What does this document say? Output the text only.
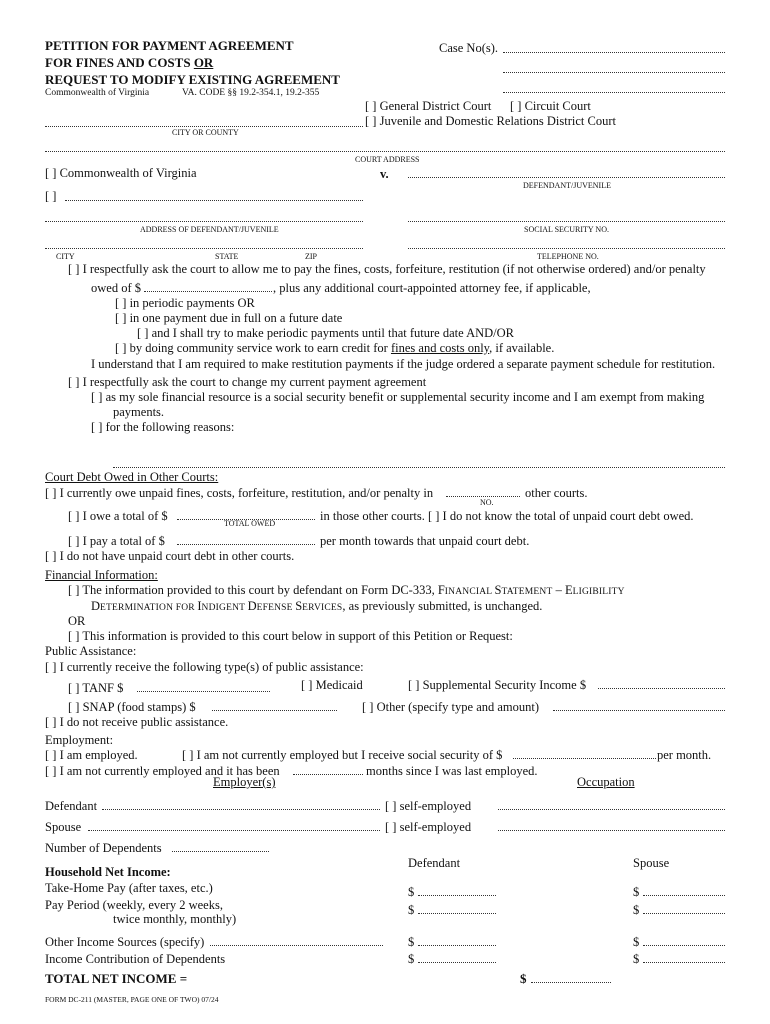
PETITION FOR PAYMENT AGREEMENT
FOR FINES AND COSTS OR
REQUEST TO MODIFY EXISTING AGREEMENT
Commonwealth of Virginia	VA. CODE §§ 19.2-354.1, 19.2-355
Case No(s).
[ ] General District Court [ ] Circuit Court
[ ] Juvenile and Domestic Relations District Court
CITY OR COUNTY
COURT ADDRESS
[ ] Commonwealth of Virginia	v.
DEFENDANT/JUVENILE
[ ]
ADDRESS OF DEFENDANT/JUVENILE	SOCIAL SECURITY NO.
CITY	STATE	ZIP	TELEPHONE NO.
[ ] I respectfully ask the court to allow me to pay the fines, costs, forfeiture, restitution (if not otherwise ordered) and/or penalty
owed of $	, plus any additional court-appointed attorney fee, if applicable,
[ ] in periodic payments OR
[ ] in one payment due in full on a future date
[ ] and I shall try to make periodic payments until that future date AND/OR
[ ] by doing community service work to earn credit for fines and costs only, if available.
I understand that I am required to make restitution payments if the judge ordered a separate payment schedule for restitution.
[ ] I respectfully ask the court to change my current payment agreement
[ ] as my sole financial resource is a social security benefit or supplemental security income and I am exempt from making
payments.
[ ] for the following reasons:
Court Debt Owed in Other Courts:
[ ] I currently owe unpaid fines, costs, forfeiture, restitution, and/or penalty in	other courts.
NO.
[ ] I owe a total of $	in those other courts. [ ] I do not know the total of unpaid court debt owed.
TOTAL OWED
[ ] I pay a total of $	per month towards that unpaid court debt.
[ ] I do not have unpaid court debt in other courts.
Financial Information:
[ ] The information provided to this court by defendant on Form DC-333, FINANCIAL STATEMENT – ELIGIBILITY
DETERMINATION FOR INDIGENT DEFENSE SERVICES, as previously submitted, is unchanged.
OR
[ ] This information is provided to this court below in support of this Petition or Request:
Public Assistance:
[ ] I currently receive the following type(s) of public assistance:
[ ] TANF $	[ ] Medicaid	[ ] Supplemental Security Income $
[ ] SNAP (food stamps) $	[ ] Other (specify type and amount)
[ ] I do not receive public assistance.
Employment:
[ ] I am employed.	[ ] I am not currently employed but I receive social security of $	per month.
[ ] I am not currently employed and it has been	months since I was last employed.
Employer(s)	Occupation
Defendant	[ ] self-employed
Spouse	[ ] self-employed
Number of Dependents
Defendant	Spouse
Household Net Income:
Take-Home Pay (after taxes, etc.)	$	$
Pay Period (weekly, every 2 weeks,
twice monthly, monthly)
$	$
Other Income Sources (specify)	$	$
Income Contribution of Dependents	$	$
TOTAL NET INCOME =	$
FORM DC-211 (MASTER, PAGE ONE OF TWO) 07/24
